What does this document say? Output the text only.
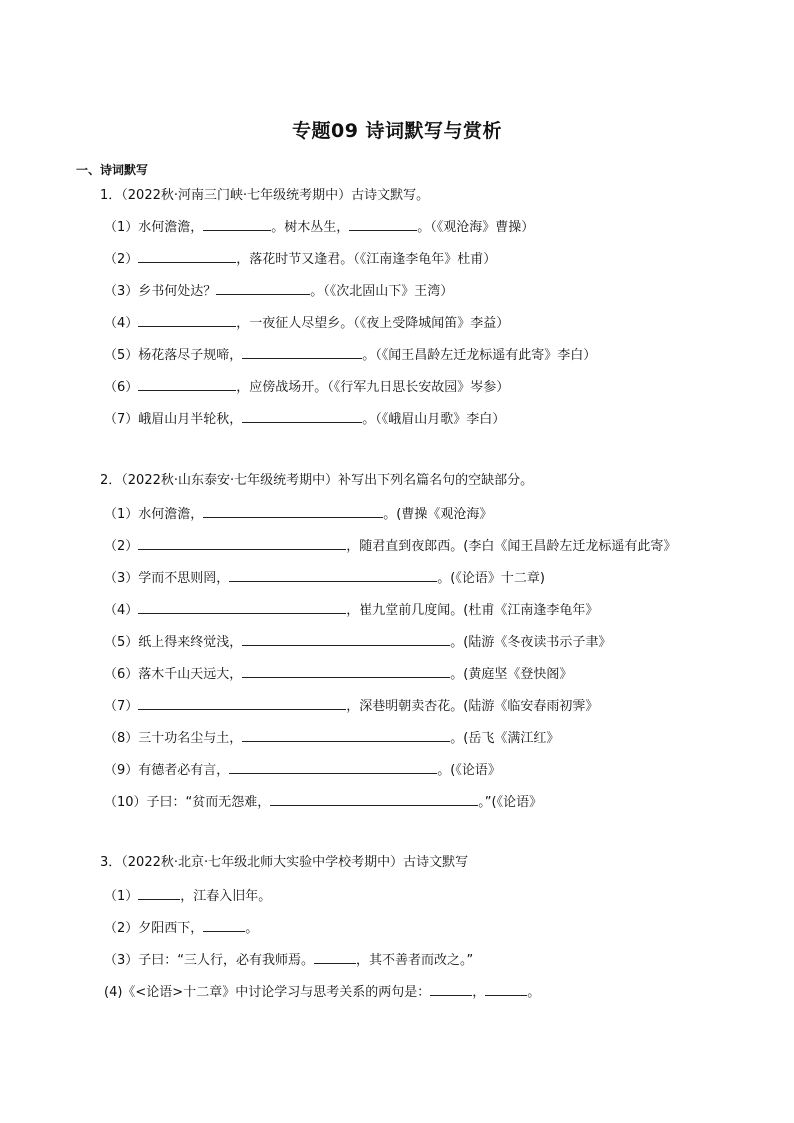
专题09 诗词默写与赏析
一、诗词默写
1．（2022秋·河南三门峡·七年级统考期中）古诗文默写。
（1）水何澹澹，	。树木丛生，	。（《观沧海》曹操）
（2）	，落花时节又逢君。（《江南逢李龟年》杜甫）
（3）乡书何处达？	。（《次北固山下》王湾）
（4）	，一夜征人尽望乡。（《夜上受降城闻笛》李益）
（5）杨花落尽子规啼，	。（《闻王昌龄左迁龙标遥有此寄》李白）
（6）	，应傍战场开。（《行军九日思长安故园》岑参）
（7）峨眉山月半轮秋，	。（《峨眉山月歌》李白）
2．（2022秋·山东泰安·七年级统考期中）补写出下列名篇名句的空缺部分。
（1）水何澹澹，	。(曹操《观沧海》
（2）	，随君直到夜郎西。(李白《闻王昌龄左迁龙标遥有此寄》
（3）学而不思则罔，	。(《论语》十二章)
（4）	，崔九堂前几度闻。(杜甫《江南逢李龟年》
（5）纸上得来终觉浅，	。(陆游《冬夜读书示子聿》
（6）落木千山天远大，	。(黄庭坚《登快阁》
（7）	，深巷明朝卖杏花。(陆游《临安春雨初霁》
（8）三十功名尘与土，	。(岳飞《满江红》
（9）有德者必有言，	。(《论语》
（10）子曰：“贫而无怨难，	。”(《论语》
3．（2022秋·北京·七年级北师大实验中学校考期中）古诗文默写
（1）	，江春入旧年。
（2）夕阳西下，	。
（3）子曰：“三人行，必有我师焉。	，其不善者而改之。”
(4)《<论语>十二章》中讨论学习与思考关系的两句是：	，	。
